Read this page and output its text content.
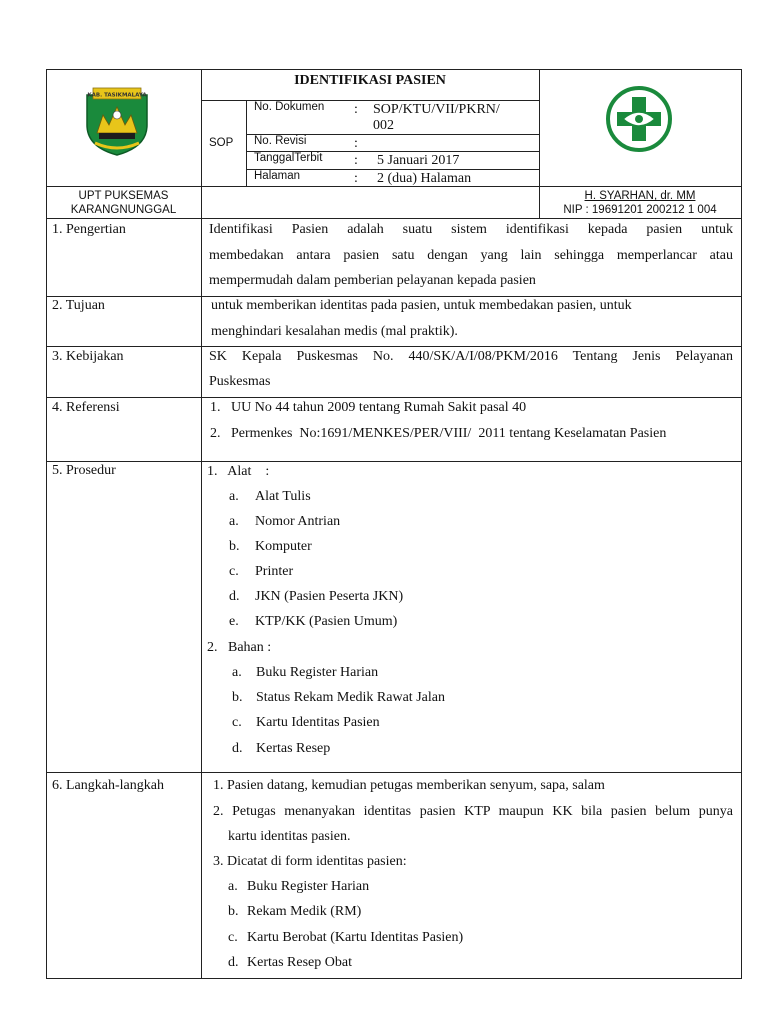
IDENTIFIKASI PASIEN
SOP
No. Dokumen : SOP/KTU/VII/PKRN/
002
No. Revisi	:
TanggalTerbit : 5 Januari 2017
Halaman	: 2 (dua) Halaman
UPT PUKSEMAS
KARANGNUNGGAL
H. SYARHAN, dr. MM
NIP : 19691201 200212 1 004
KAB. TASIKMALAYA
1. Pengertian	Identifikasi Pasien adalah suatu sistem identifikasi kepada pasien untuk
membedakan antara pasien satu dengan yang lain sehingga memperlancar atau
mempermudah dalam pemberian pelayanan kepada pasien
2. Tujuan	untuk memberikan identitas pada pasien, untuk membedakan pasien, untuk
menghindari kesalahan medis (mal praktik).
3. Kebijakan	SK Kepala Puskesmas No. 440/SK/A/I/08/PKM/2016 Tentang Jenis Pelayanan
Puskesmas
4. Referensi	1.   UU No 44 tahun 2009 tentang Rumah Sakit pasal 40
2.   Permenkes  No:1691/MENKES/PER/VIII/  2011 tentang Keselamatan Pasien
5. Prosedur	1.   Alat    :
a. Alat Tulis
a. Nomor Antrian
b. Komputer
c. Printer
d. JKN (Pasien Peserta JKN)
e. KTP/KK (Pasien Umum)
2.   Bahan :
a. Buku Register Harian
b. Status Rekam Medik Rawat Jalan
c. Kartu Identitas Pasien
d. Kertas Resep
6. Langkah-langkah	1. Pasien datang, kemudian petugas memberikan senyum, sapa, salam
2. Petugas menanyakan identitas pasien KTP maupun KK bila pasien belum punya
kartu identitas pasien.
3. Dicatat di form identitas pasien:
a. Buku Register Harian
b. Rekam Medik (RM)
c. Kartu Berobat (Kartu Identitas Pasien)
d. Kertas Resep Obat
